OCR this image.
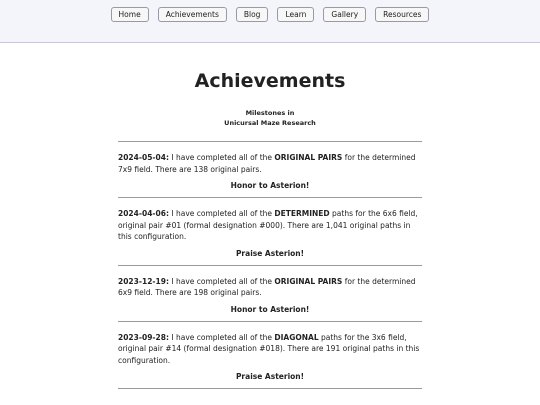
Home	Achievements	Blog	Learn	Gallery	Resources
Achievements
Milestones in
Unicursal Maze Research

2024-05-04: I have completed all of the ORIGINAL PAIRS for the determined 7x9 field. There are 138 original pairs.

Honor to Asterion!

2024-04-06: I have completed all of the DETERMINED paths for the 6x6 field, original pair #01 (formal designation #000). There are 1,041 original paths in this configuration.

Praise Asterion!

2023-12-19: I have completed all of the ORIGINAL PAIRS for the determined 6x9 field. There are 198 original pairs.

Honor to Asterion!

2023-09-28: I have completed all of the DIAGONAL paths for the 3x6 field, original pair #14 (formal designation #018). There are 191 original paths in this configuration.

Praise Asterion!
